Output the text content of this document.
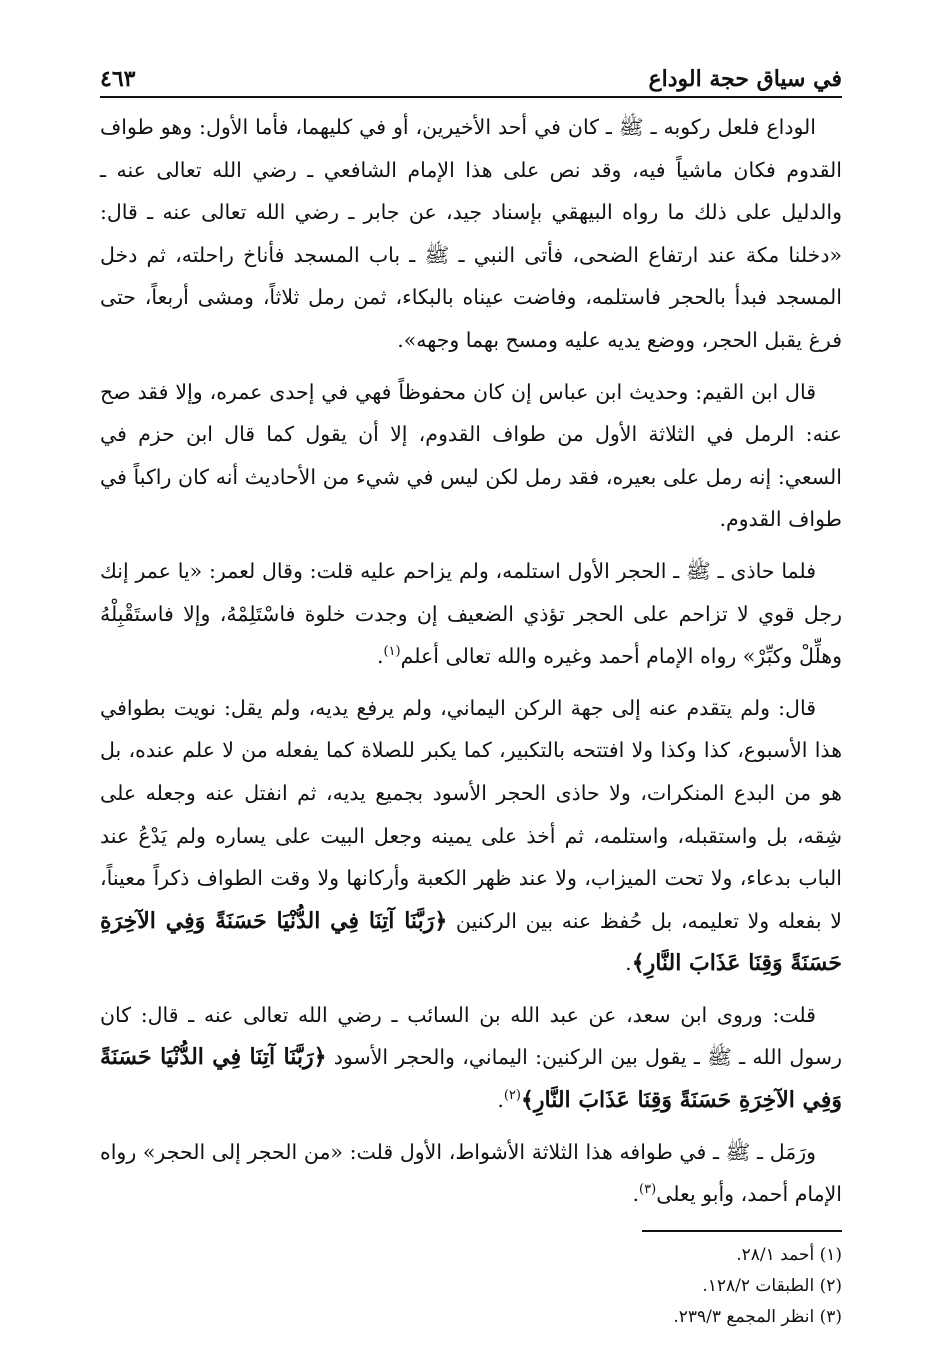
في سياق حجة الوداع
٤٦٣

الوداع فلعل ركوبه ـ ﷺ ـ كان في أحد الأخيرين، أو في كليهما، فأما الأول: وهو طواف القدوم فكان ماشياً فيه، وقد نص على هذا الإمام الشافعي ـ رضي الله تعالى عنه ـ والدليل على ذلك ما رواه البيهقي بإسناد جيد، عن جابر ـ رضي الله تعالى عنه ـ قال: «دخلنا مكة عند ارتفاع الضحى، فأتى النبي ـ ﷺ ـ باب المسجد فأناخ راحلته، ثم دخل المسجد فبدأ بالحجر فاستلمه، وفاضت عيناه بالبكاء، ثمن رمل ثلاثاً، ومشى أربعاً، حتى فرغ يقبل الحجر، ووضع يديه عليه ومسح بهما وجهه».

قال ابن القيم: وحديث ابن عباس إن كان محفوظاً فهي في إحدى عمره، وإلا فقد صح عنه: الرمل في الثلاثة الأول من طواف القدوم، إلا أن يقول كما قال ابن حزم في السعي: إنه رمل على بعيره، فقد رمل لكن ليس في شيء من الأحاديث أنه كان راكباً في طواف القدوم.

فلما حاذى ـ ﷺ ـ الحجر الأول استلمه، ولم يزاحم عليه قلت: وقال لعمر: «يا عمر إنك رجل قوي لا تزاحم على الحجر تؤذي الضعيف إن وجدت خلوة فاسْتَلِمْهُ، وإلا فاستَقْبِلْهُ وهلِّلْ وكبِّرْ» رواه الإمام أحمد وغيره والله تعالى أعلم$^{(١)}$.

قال: ولم يتقدم عنه إلى جهة الركن اليماني، ولم يرفع يديه، ولم يقل: نويت بطوافي هذا الأسبوع، كذا وكذا ولا افتتحه بالتكبير، كما يكبر للصلاة كما يفعله من لا علم عنده، بل هو من البدع المنكرات، ولا حاذى الحجر الأسود بجميع يديه، ثم انفتل عنه وجعله على شِقه، بل واستقبله، واستلمه، ثم أخذ على يمينه وجعل البيت على يساره ولم يَدْعُ عند الباب بدعاء، ولا تحت الميزاب، ولا عند ظهر الكعبة وأركانها ولا وقت الطواف ذكراً معيناً، لا بفعله ولا تعليمه، بل حُفظ عنه بين الركنين ﴿رَبَّنَا آتِنَا فِي الدُّنْيَا حَسَنَةً وَفِي الآخِرَةِ حَسَنَةً وَقِنَا عَذَابَ النَّارِ﴾.

قلت: وروى ابن سعد، عن عبد الله بن السائب ـ رضي الله تعالى عنه ـ قال: كان رسول الله ـ ﷺ ـ يقول بين الركنين: اليماني، والحجر الأسود ﴿رَبَّنَا آتِنَا فِي الدُّنْيَا حَسَنَةً وَفِي الآخِرَةِ حَسَنَةً وَقِنَا عَذَابَ النَّارِ﴾$^{(٢)}$.

ورَمَل ـ ﷺ ـ في طوافه هذا الثلاثة الأشواط، الأول قلت: «من الحجر إلى الحجر» رواه الإمام أحمد، وأبو يعلى$^{(٣)}$.

(١) أحمد ٢٨/١.

(٢) الطبقات ١٢٨/٢.

(٣) انظر المجمع ٢٣٩/٣.
